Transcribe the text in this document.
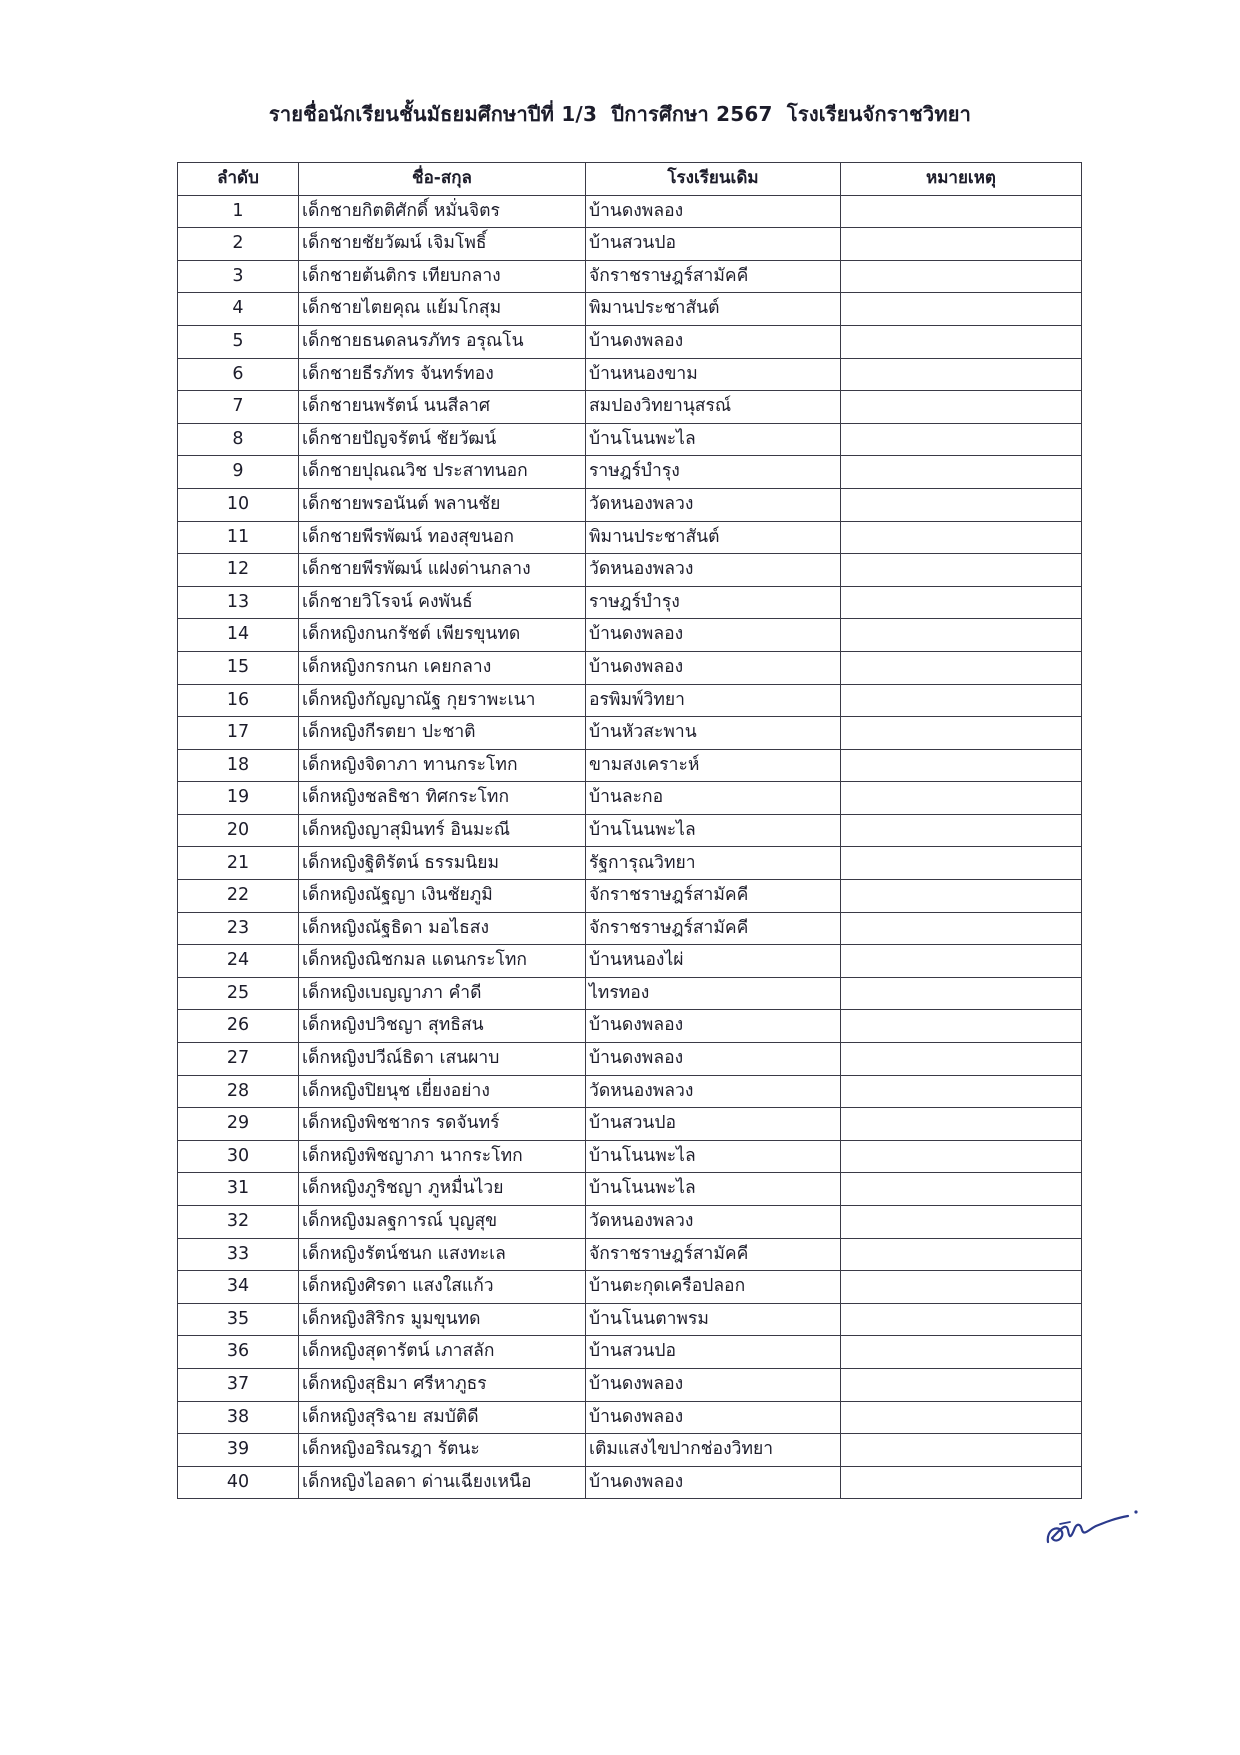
รายชื่อนักเรียนชั้นมัธยมศึกษาปีที่ 1/3  ปีการศึกษา 2567  โรงเรียนจักราชวิทยา
ลำดับ	ชื่อ-สกุล	โรงเรียนเดิม	หมายเหตุ
1	เด็กชายกิตติศักดิ์ หมั่นจิตร	บ้านดงพลอง	
2	เด็กชายชัยวัฒน์ เจิมโพธิ์	บ้านสวนปอ	
3	เด็กชายต้นติกร เทียบกลาง	จักราชราษฎร์สามัคคี	
4	เด็กชายไตยคุณ แย้มโกสุม	พิมานประชาสันต์	
5	เด็กชายธนดลนรภัทร อรุณโน	บ้านดงพลอง	
6	เด็กชายธีรภัทร จันทร์ทอง	บ้านหนองขาม	
7	เด็กชายนพรัตน์ นนสีลาศ	สมปองวิทยานุสรณ์	
8	เด็กชายปัญจรัตน์ ชัยวัฒน์	บ้านโนนพะไล	
9	เด็กชายปุณณวิช ประสาทนอก	ราษฎร์บำรุง	
10	เด็กชายพรอนันต์ พลานชัย	วัดหนองพลวง	
11	เด็กชายพีรพัฒน์ ทองสุขนอก	พิมานประชาสันต์	
12	เด็กชายพีรพัฒน์ แฝงด่านกลาง	วัดหนองพลวง	
13	เด็กชายวิโรจน์ คงพันธ์	ราษฎร์บำรุง	
14	เด็กหญิงกนกรัชต์ เพียรขุนทด	บ้านดงพลอง	
15	เด็กหญิงกรกนก เคยกลาง	บ้านดงพลอง	
16	เด็กหญิงกัญญาณัฐ กุยราพะเนา	อรพิมพ์วิทยา	
17	เด็กหญิงกีรตยา ปะชาติ	บ้านหัวสะพาน	
18	เด็กหญิงจิดาภา ทานกระโทก	ขามสงเคราะห์	
19	เด็กหญิงชลธิชา ทิศกระโทก	บ้านละกอ	
20	เด็กหญิงญาสุมินทร์ อินมะณี	บ้านโนนพะไล	
21	เด็กหญิงฐิติรัตน์ ธรรมนิยม	รัฐการุณวิทยา	
22	เด็กหญิงณัฐญา เงินชัยภูมิ	จักราชราษฎร์สามัคคี	
23	เด็กหญิงณัฐธิดา มอไธสง	จักราชราษฎร์สามัคคี	
24	เด็กหญิงณิชกมล แดนกระโทก	บ้านหนองไผ่	
25	เด็กหญิงเบญญาภา คำดี	ไทรทอง	
26	เด็กหญิงปวิชญา สุทธิสน	บ้านดงพลอง	
27	เด็กหญิงปวีณ์ธิดา เสนผาบ	บ้านดงพลอง	
28	เด็กหญิงปิยนุช เยี่ยงอย่าง	วัดหนองพลวง	
29	เด็กหญิงพิชชากร รดจันทร์	บ้านสวนปอ	
30	เด็กหญิงพิชญาภา นากระโทก	บ้านโนนพะไล	
31	เด็กหญิงภูริชญา ภูหมื่นไวย	บ้านโนนพะไล	
32	เด็กหญิงมลฐการณ์ บุญสุข	วัดหนองพลวง	
33	เด็กหญิงรัตน์ชนก แสงทะเล	จักราชราษฎร์สามัคคี	
34	เด็กหญิงศิรดา แสงใสแก้ว	บ้านตะกุดเครือปลอก	
35	เด็กหญิงสิริกร มูมขุนทด	บ้านโนนตาพรม	
36	เด็กหญิงสุดารัตน์ เภาสลัก	บ้านสวนปอ	
37	เด็กหญิงสุธิมา ศรีหาภูธร	บ้านดงพลอง	
38	เด็กหญิงสุริฉาย สมบัติดี	บ้านดงพลอง	
39	เด็กหญิงอริณรฎา รัตนะ	เติมแสงไขปากช่องวิทยา	
40	เด็กหญิงไอลดา ด่านเฉียงเหนือ	บ้านดงพลอง	
